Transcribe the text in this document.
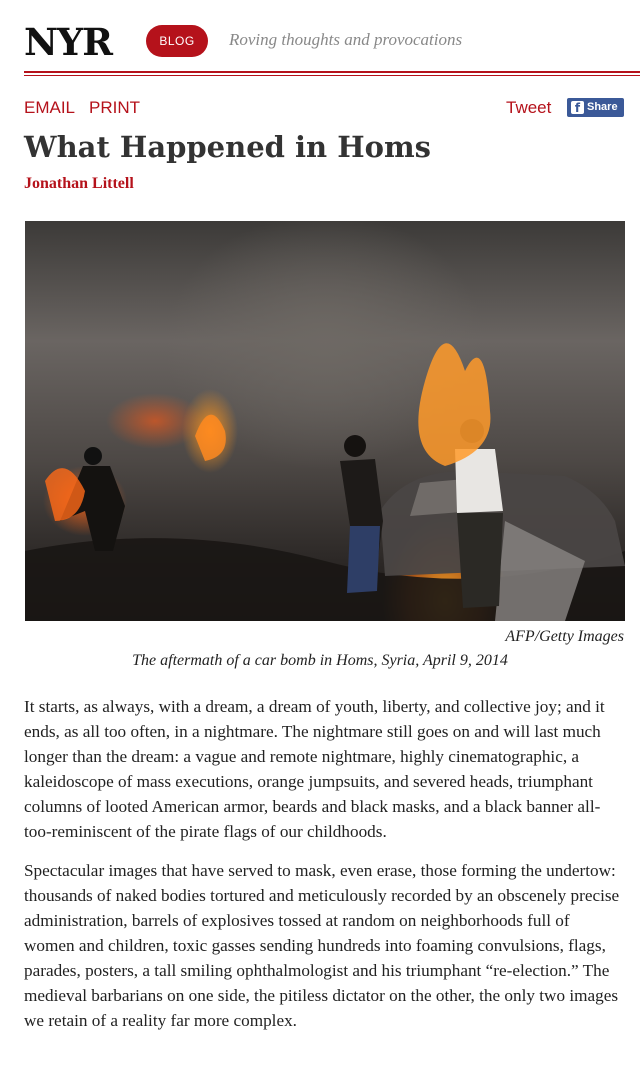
NYR	BLOG	Roving thoughts and provocations
EMAIL PRINT	Tweet	f Share
What Happened in Homs
Jonathan Littell
AFP/Getty Images
The aftermath of a car bomb in Homs, Syria, April 9, 2014

It starts, as always, with a dream, a dream of youth, liberty, and collective joy; and it ends, as all too often, in a nightmare. The nightmare still goes on and will last much longer than the dream: a vague and remote nightmare, highly cinematographic, a kaleidoscope of mass executions, orange jumpsuits, and severed heads, triumphant columns of looted American armor, beards and black masks, and a black banner all-too-reminiscent of the pirate flags of our childhoods.

Spectacular images that have served to mask, even erase, those forming the undertow: thousands of naked bodies tortured and meticulously recorded by an obscenely precise administration, barrels of explosives tossed at random on neighborhoods full of women and children, toxic gasses sending hundreds into foaming convulsions, flags, parades, posters, a tall smiling ophthalmologist and his triumphant “re-election.” The medieval barbarians on one side, the pitiless dictator on the other, the only two images we retain of a reality far more complex.
